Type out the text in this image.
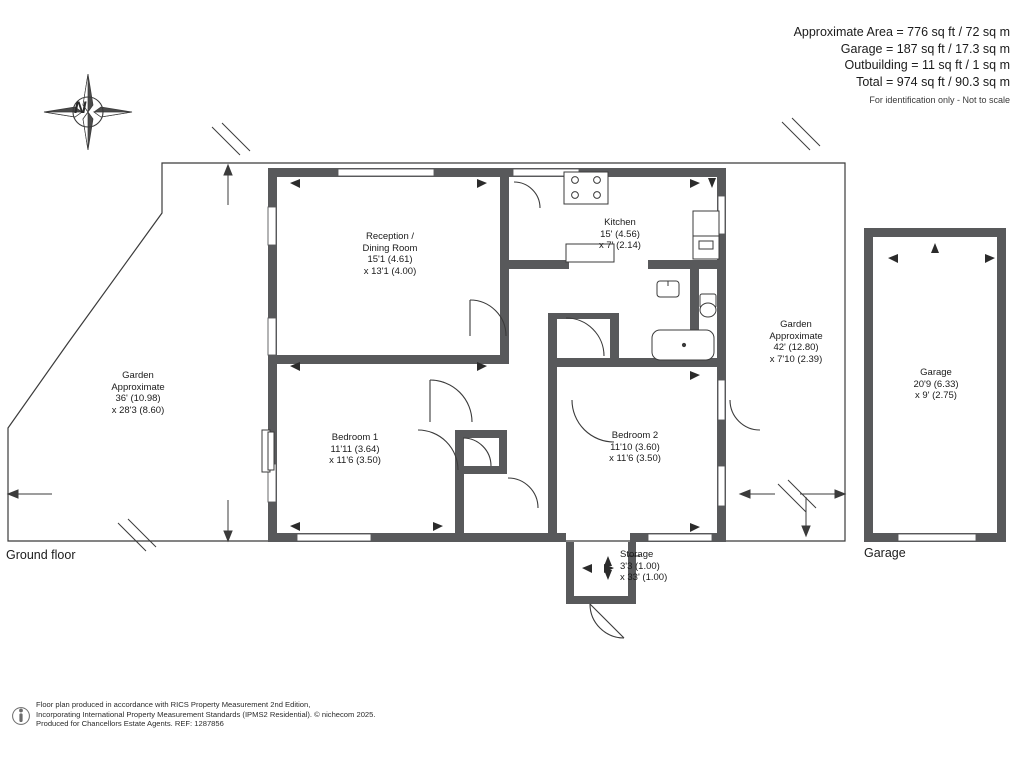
Approximate Area = 776 sq ft / 72 sq m
Garage = 187 sq ft / 17.3 sq m
Outbuilding = 11 sq ft / 1 sq m
Total = 974 sq ft / 90.3 sq m
For identification only - Not to scale
N
Ground floor	Garage
Reception /
Dining Room
15'1 (4.61)
x 13'1 (4.00)
Kitchen
15' (4.56)
x 7' (2.14)
Bedroom 1
11'11 (3.64)
x 11'6 (3.50)
Bedroom 2
11'10 (3.60)
x 11'6 (3.50)
Storage
3'3 (1.00)
x 33' (1.00)
Garden
Approximate
36' (10.98)
x 28'3 (8.60)
Garden
Approximate
42' (12.80)
x 7'10 (2.39)
Garage
20'9 (6.33)
x 9' (2.75)
Floor plan produced in accordance with RICS Property Measurement 2nd Edition,
Incorporating International Property Measurement Standards (IPMS2 Residential). © nichecom 2025.
Produced for Chancellors Estate Agents. REF: 1287856
